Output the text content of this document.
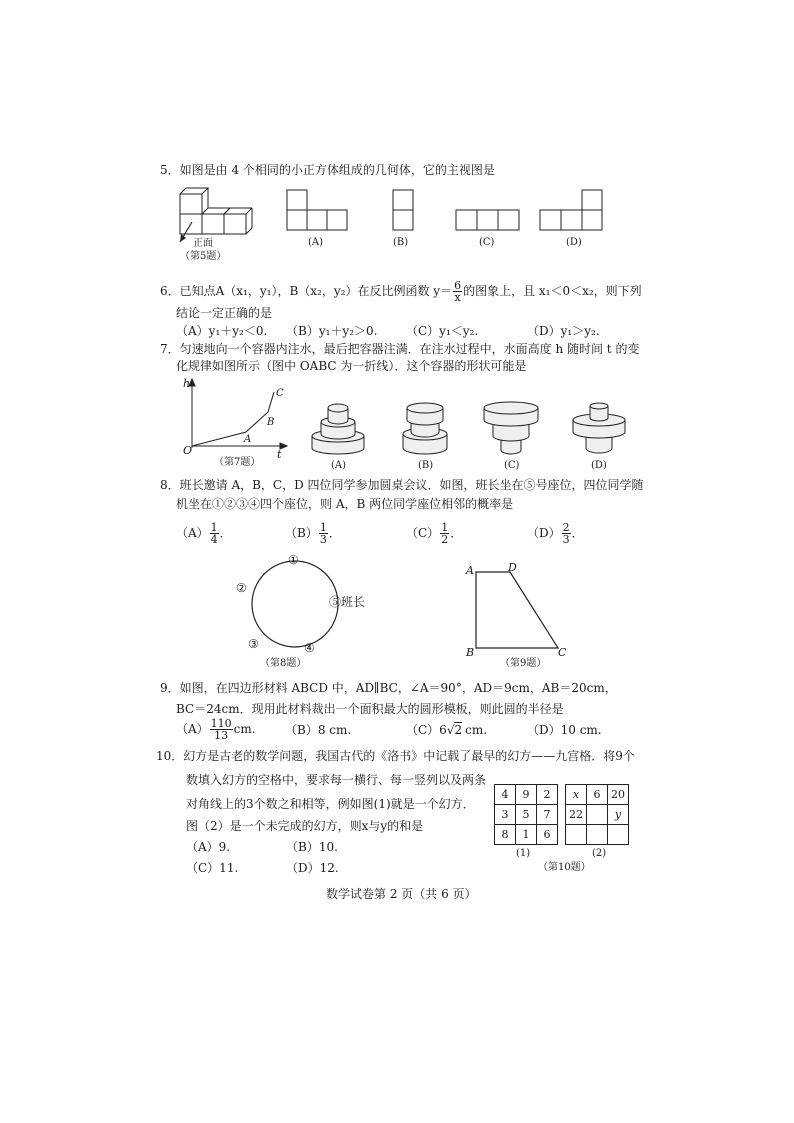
5．如图是由 4 个相同的小正方体组成的几何体，它的主视图是
正面
（第5题）
(A)	(B)	(C)	(D)
6．已知点A（x₁，y₁），B（x₂，y₂）在反比例函数 $y= \frac{6}{x}$ 的图象上，且 x₁＜0＜x₂，则下列
结论一定正确的是
（A）y₁＋y₂＜0. （B）y₁＋y₂＞0. （C）y₁＜y₂.	（D）y₁＞y₂.
7．匀速地向一个容器内注水，最后把容器注满．在注水过程中，水面高度 h 随时间 t 的变
化规律如图所示（图中 OABC 为一折线）．这个容器的形状可能是
h
O
A
B
C
t
（第7题）	(A)	(B)	(C)	(D)
8．班长邀请 A，B，C，D 四位同学参加圆桌会议．如图，班长坐在⑤号座位，四位同学随
机坐在①②③④四个座位，则 A，B 两位同学座位相邻的概率是
$(A) \frac{1}{4}$ ．	$(B) \frac{1}{3}$ ．	$(C) \frac{1}{2}$ ．	$(D) \frac{2}{3}$ ．
①
②
③	④
⑤班长
（第8题）
A	D
B	C
（第9题）
9．如图，在四边形材料 ABCD 中，AD∥BC，∠A＝90°，AD＝9cm，AB＝20cm，
BC＝24cm．现用此材料裁出一个面积最大的圆形模板，则此圆的半径是
$(A) \frac{110}{13}$ cm. （B）8 cm.	（C）6√2 cm.	（D）10 cm.
10．幻方是古老的数学问题，我国古代的《洛书》中记载了最早的幻方——九宫格．将9个
数填入幻方的空格中，要求每一横行、每一竖列以及两条
对角线上的3个数之和相等，例如图(1)就是一个幻方．
图（2）是一个未完成的幻方，则x与y的和是
（A）9.	（B）10.
（C）11.	（D）12.
4	9	2
3	5	7
8	1	6
(1)
x	6	20
22		y

(2)
（第10题）
数学试卷第 2 页（共 6 页）
